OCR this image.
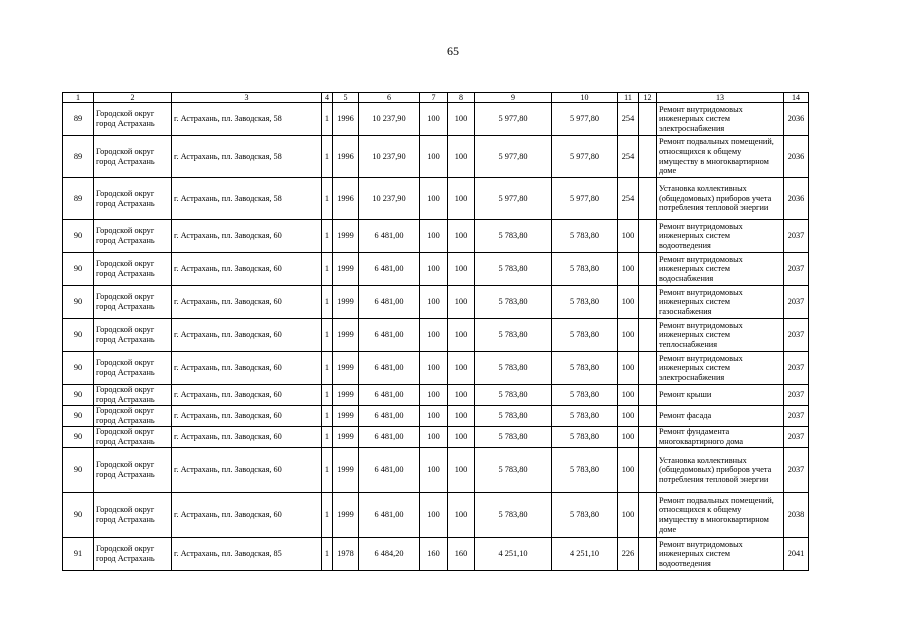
65
1	2	3	4	5	6	7	8	9	10	11	12	13	14
89	Городской округ город Астрахань	г. Астрахань, пл. Заводская, 58	1	1996	10 237,90	100	100	5 977,80	5 977,80	254		Ремонт внутридомовых инженерных систем электроснабжения	2036
89	Городской округ город Астрахань	г. Астрахань, пл. Заводская, 58	1	1996	10 237,90	100	100	5 977,80	5 977,80	254		Ремонт подвальных помещений, относящихся к общему имуществу в многоквартирном доме	2036
89	Городской округ город Астрахань	г. Астрахань, пл. Заводская, 58	1	1996	10 237,90	100	100	5 977,80	5 977,80	254		Установка коллективных (общедомовых) приборов учета потребления тепловой энергии	2036
90	Городской округ город Астрахань	г. Астрахань, пл. Заводская, 60	1	1999	6 481,00	100	100	5 783,80	5 783,80	100		Ремонт внутридомовых инженерных систем водоотведения	2037
90	Городской округ город Астрахань	г. Астрахань, пл. Заводская, 60	1	1999	6 481,00	100	100	5 783,80	5 783,80	100		Ремонт внутридомовых инженерных систем водоснабжения	2037
90	Городской округ город Астрахань	г. Астрахань, пл. Заводская, 60	1	1999	6 481,00	100	100	5 783,80	5 783,80	100		Ремонт внутридомовых инженерных систем газоснабжения	2037
90	Городской округ город Астрахань	г. Астрахань, пл. Заводская, 60	1	1999	6 481,00	100	100	5 783,80	5 783,80	100		Ремонт внутридомовых инженерных систем теплоснабжения	2037
90	Городской округ город Астрахань	г. Астрахань, пл. Заводская, 60	1	1999	6 481,00	100	100	5 783,80	5 783,80	100		Ремонт внутридомовых инженерных систем электроснабжения	2037
90	Городской округ город Астрахань	г. Астрахань, пл. Заводская, 60	1	1999	6 481,00	100	100	5 783,80	5 783,80	100		Ремонт крыши	2037
90	Городской округ город Астрахань	г. Астрахань, пл. Заводская, 60	1	1999	6 481,00	100	100	5 783,80	5 783,80	100		Ремонт фасада	2037
90	Городской округ город Астрахань	г. Астрахань, пл. Заводская, 60	1	1999	6 481,00	100	100	5 783,80	5 783,80	100		Ремонт фундамента многоквартирного дома	2037
90	Городской округ город Астрахань	г. Астрахань, пл. Заводская, 60	1	1999	6 481,00	100	100	5 783,80	5 783,80	100		Установка коллективных (общедомовых) приборов учета потребления тепловой энергии	2037
90	Городской округ город Астрахань	г. Астрахань, пл. Заводская, 60	1	1999	6 481,00	100	100	5 783,80	5 783,80	100		Ремонт подвальных помещений, относящихся к общему имуществу в многоквартирном доме	2038
91	Городской округ город Астрахань	г. Астрахань, пл. Заводская, 85	1	1978	6 484,20	160	160	4 251,10	4 251,10	226		Ремонт внутридомовых инженерных систем водоотведения	2041
